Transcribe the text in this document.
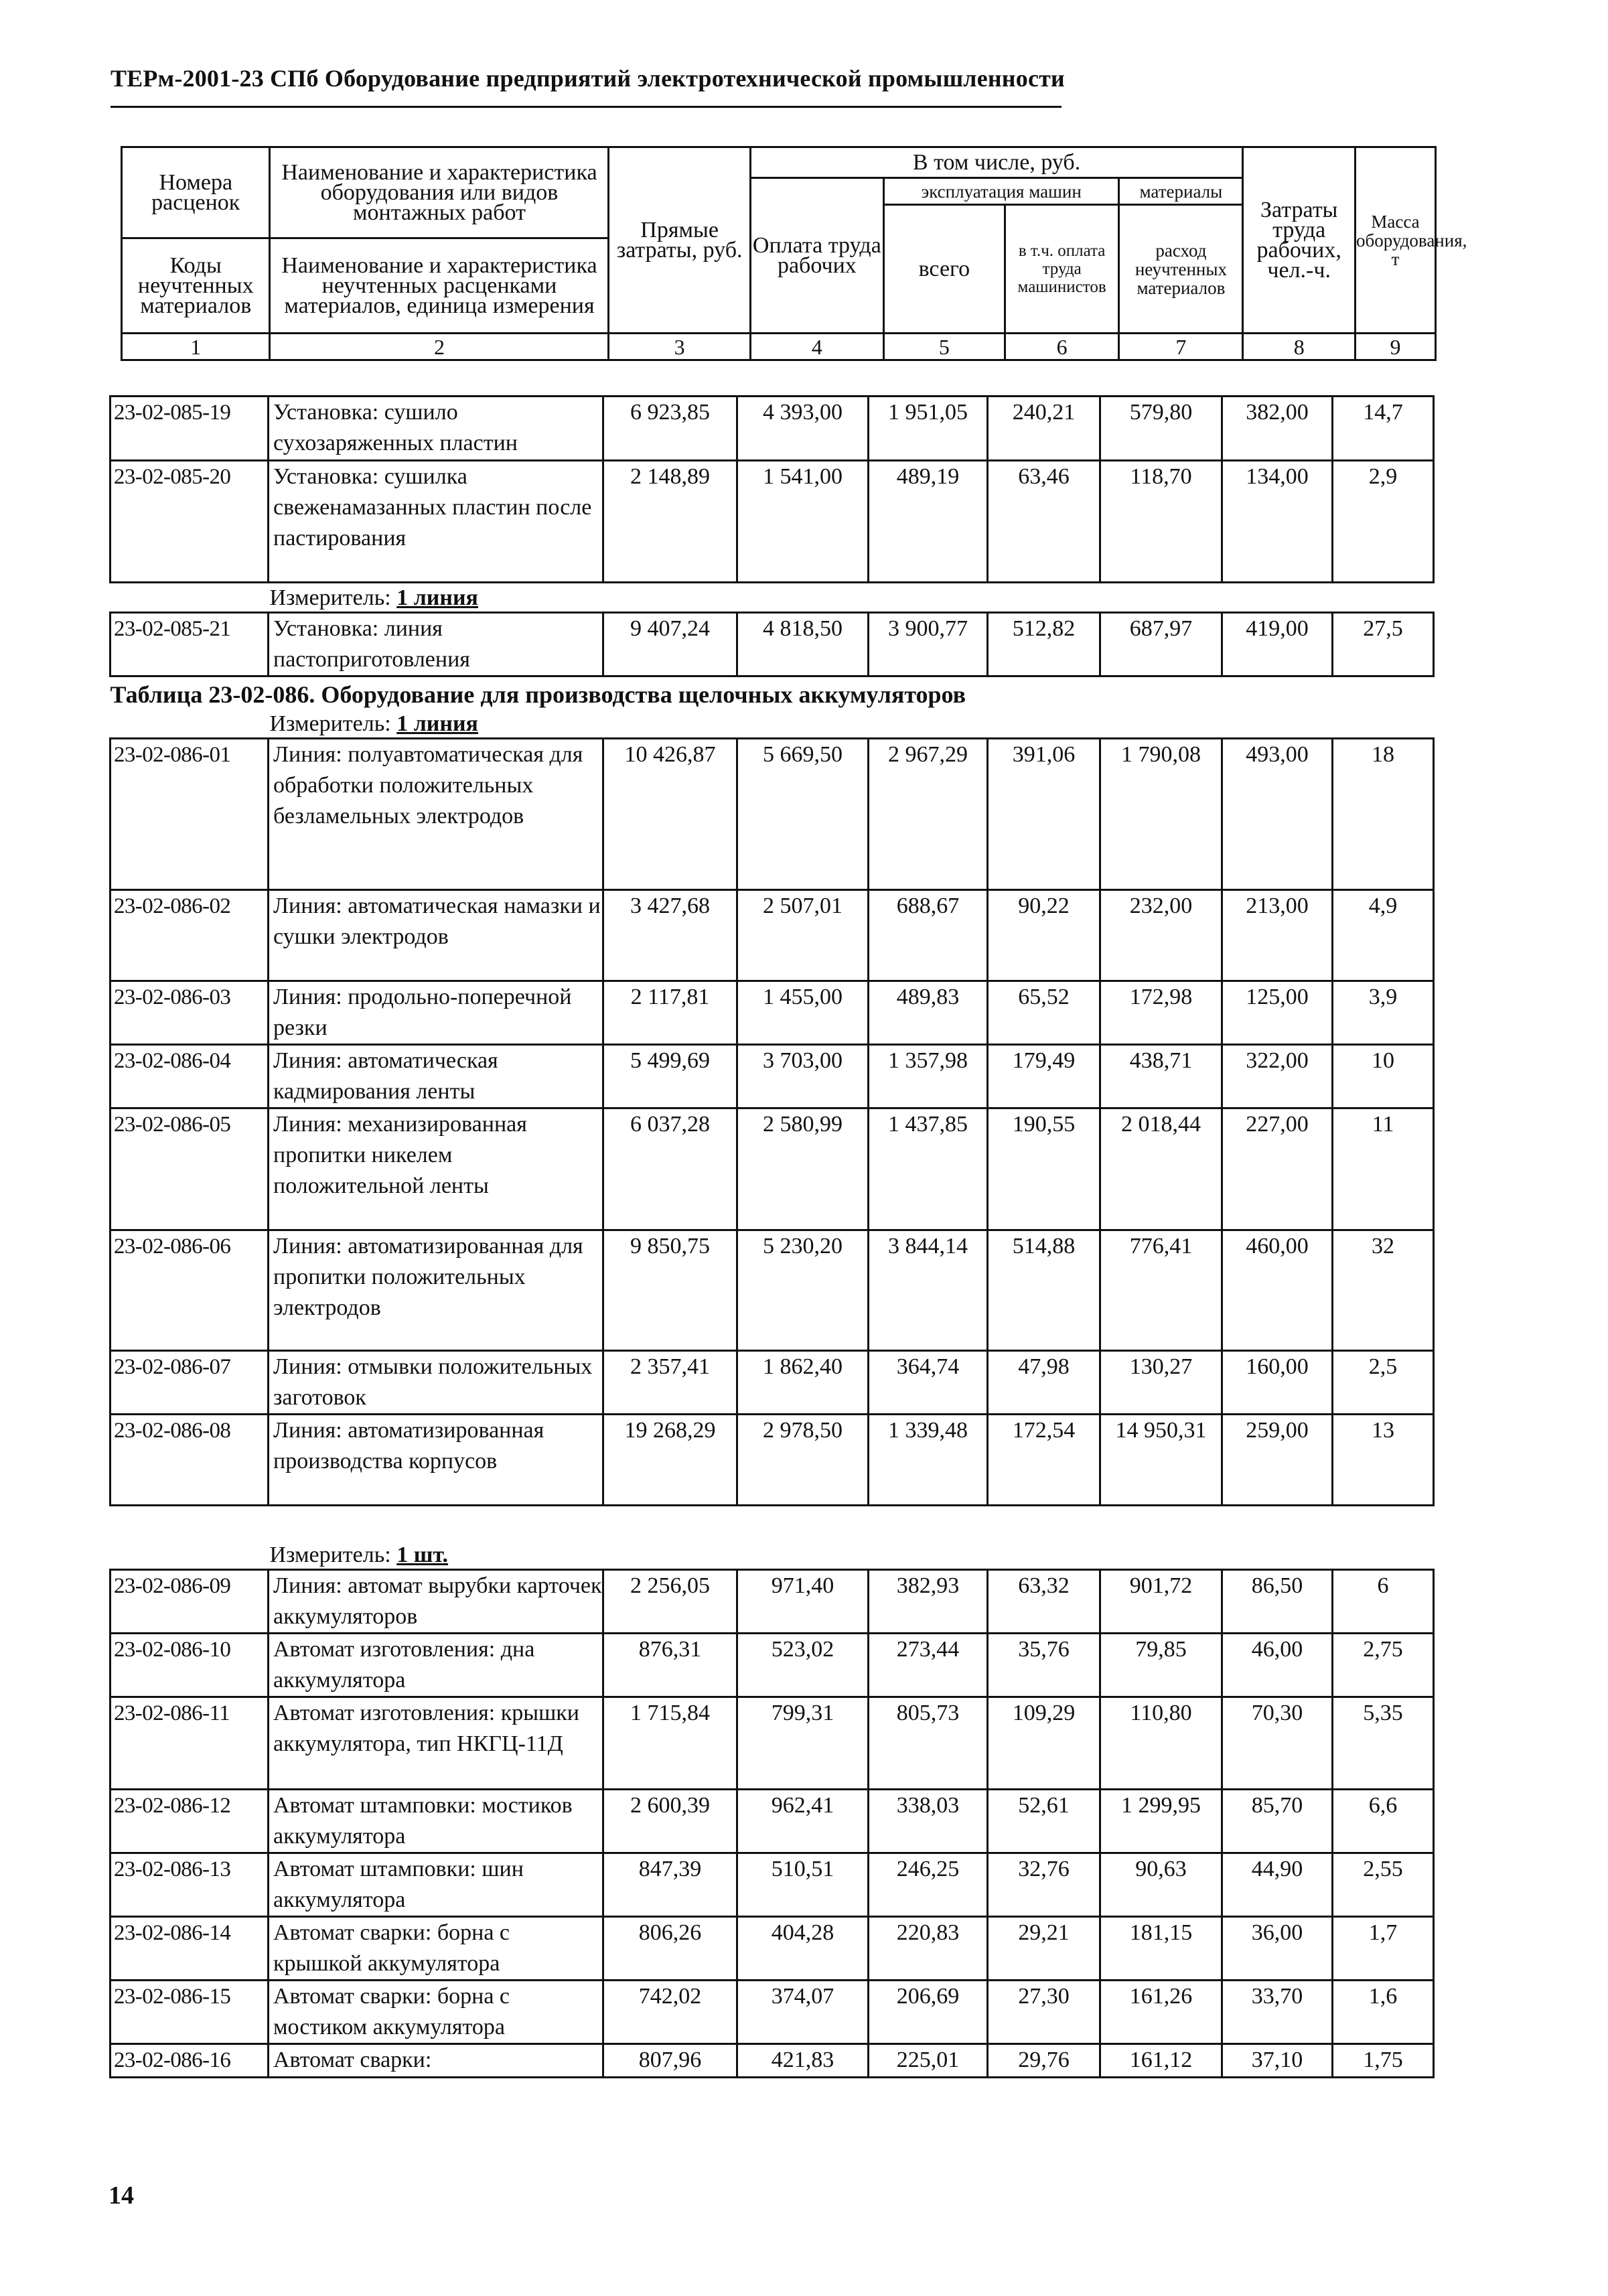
ТЕРм-2001-23 СПб Оборудование предприятий электротехнической промышленности
Номера расценок	Наименование и характеристика оборудования или видов монтажных работ	Прямые затраты, руб.	В том числе, руб.				Затраты труда рабочих, чел.-ч.	Масса оборудования, т
			Оплата труда рабочих	эксплуатация машин		материалы		
				всего	в т.ч. оплата труда машинистов	расход неучтенных материалов		
Коды неучтенных материалов	Наименование и характеристика неучтенных расценками материалов, единица измерения							

1	2	3	4	5	6	7	8	9
23-02-085-19	Установка: сушило сухозаряженных пластин	6 923,85	4 393,00	1 951,05	240,21	579,80	382,00	14,7
23-02-085-20	Установка: сушилка свеженамазанных пластин после пастирования	2 148,89	1 541,00	489,19	63,46	118,70	134,00	2,9
Измеритель: 1 линия								
23-02-085-21	Установка: линия пастоприготовления	9 407,24	4 818,50	3 900,77	512,82	687,97	419,00	27,5
Таблица 23-02-086. Оборудование для производства щелочных аккумуляторов								
Измеритель: 1 линия								
23-02-086-01	Линия: полуавтоматическая для обработки положительных безламельных электродов	10 426,87	5 669,50	2 967,29	391,06	1 790,08	493,00	18
23-02-086-02	Линия: автоматическая намазки и сушки электродов	3 427,68	2 507,01	688,67	90,22	232,00	213,00	4,9
23-02-086-03	Линия: продольно-поперечной резки	2 117,81	1 455,00	489,83	65,52	172,98	125,00	3,9
23-02-086-04	Линия: автоматическая кадмирования ленты	5 499,69	3 703,00	1 357,98	179,49	438,71	322,00	10
23-02-086-05	Линия: механизированная пропитки никелем положительной ленты	6 037,28	2 580,99	1 437,85	190,55	2 018,44	227,00	11
23-02-086-06	Линия: автоматизированная для пропитки положительных электродов	9 850,75	5 230,20	3 844,14	514,88	776,41	460,00	32
23-02-086-07	Линия: отмывки положительных заготовок	2 357,41	1 862,40	364,74	47,98	130,27	160,00	2,5
23-02-086-08	Линия: автоматизированная производства корпусов	19 268,29	2 978,50	1 339,48	172,54	14 950,31	259,00	13
Измеритель: 1 шт.								
23-02-086-09	Линия: автомат вырубки карточек аккумуляторов	2 256,05	971,40	382,93	63,32	901,72	86,50	6
23-02-086-10	Автомат изготовления: дна аккумулятора	876,31	523,02	273,44	35,76	79,85	46,00	2,75
23-02-086-11	Автомат изготовления: крышки аккумулятора, тип НКГЦ-11Д	1 715,84	799,31	805,73	109,29	110,80	70,30	5,35
23-02-086-12	Автомат штамповки: мостиков аккумулятора	2 600,39	962,41	338,03	52,61	1 299,95	85,70	6,6
23-02-086-13	Автомат штамповки: шин аккумулятора	847,39	510,51	246,25	32,76	90,63	44,90	2,55
23-02-086-14	Автомат сварки: борна с крышкой аккумулятора	806,26	404,28	220,83	29,21	181,15	36,00	1,7
23-02-086-15	Автомат сварки: борна с мостиком аккумулятора	742,02	374,07	206,69	27,30	161,26	33,70	1,6
23-02-086-16	Автомат сварки:	807,96	421,83	225,01	29,76	161,12	37,10	1,75
14
